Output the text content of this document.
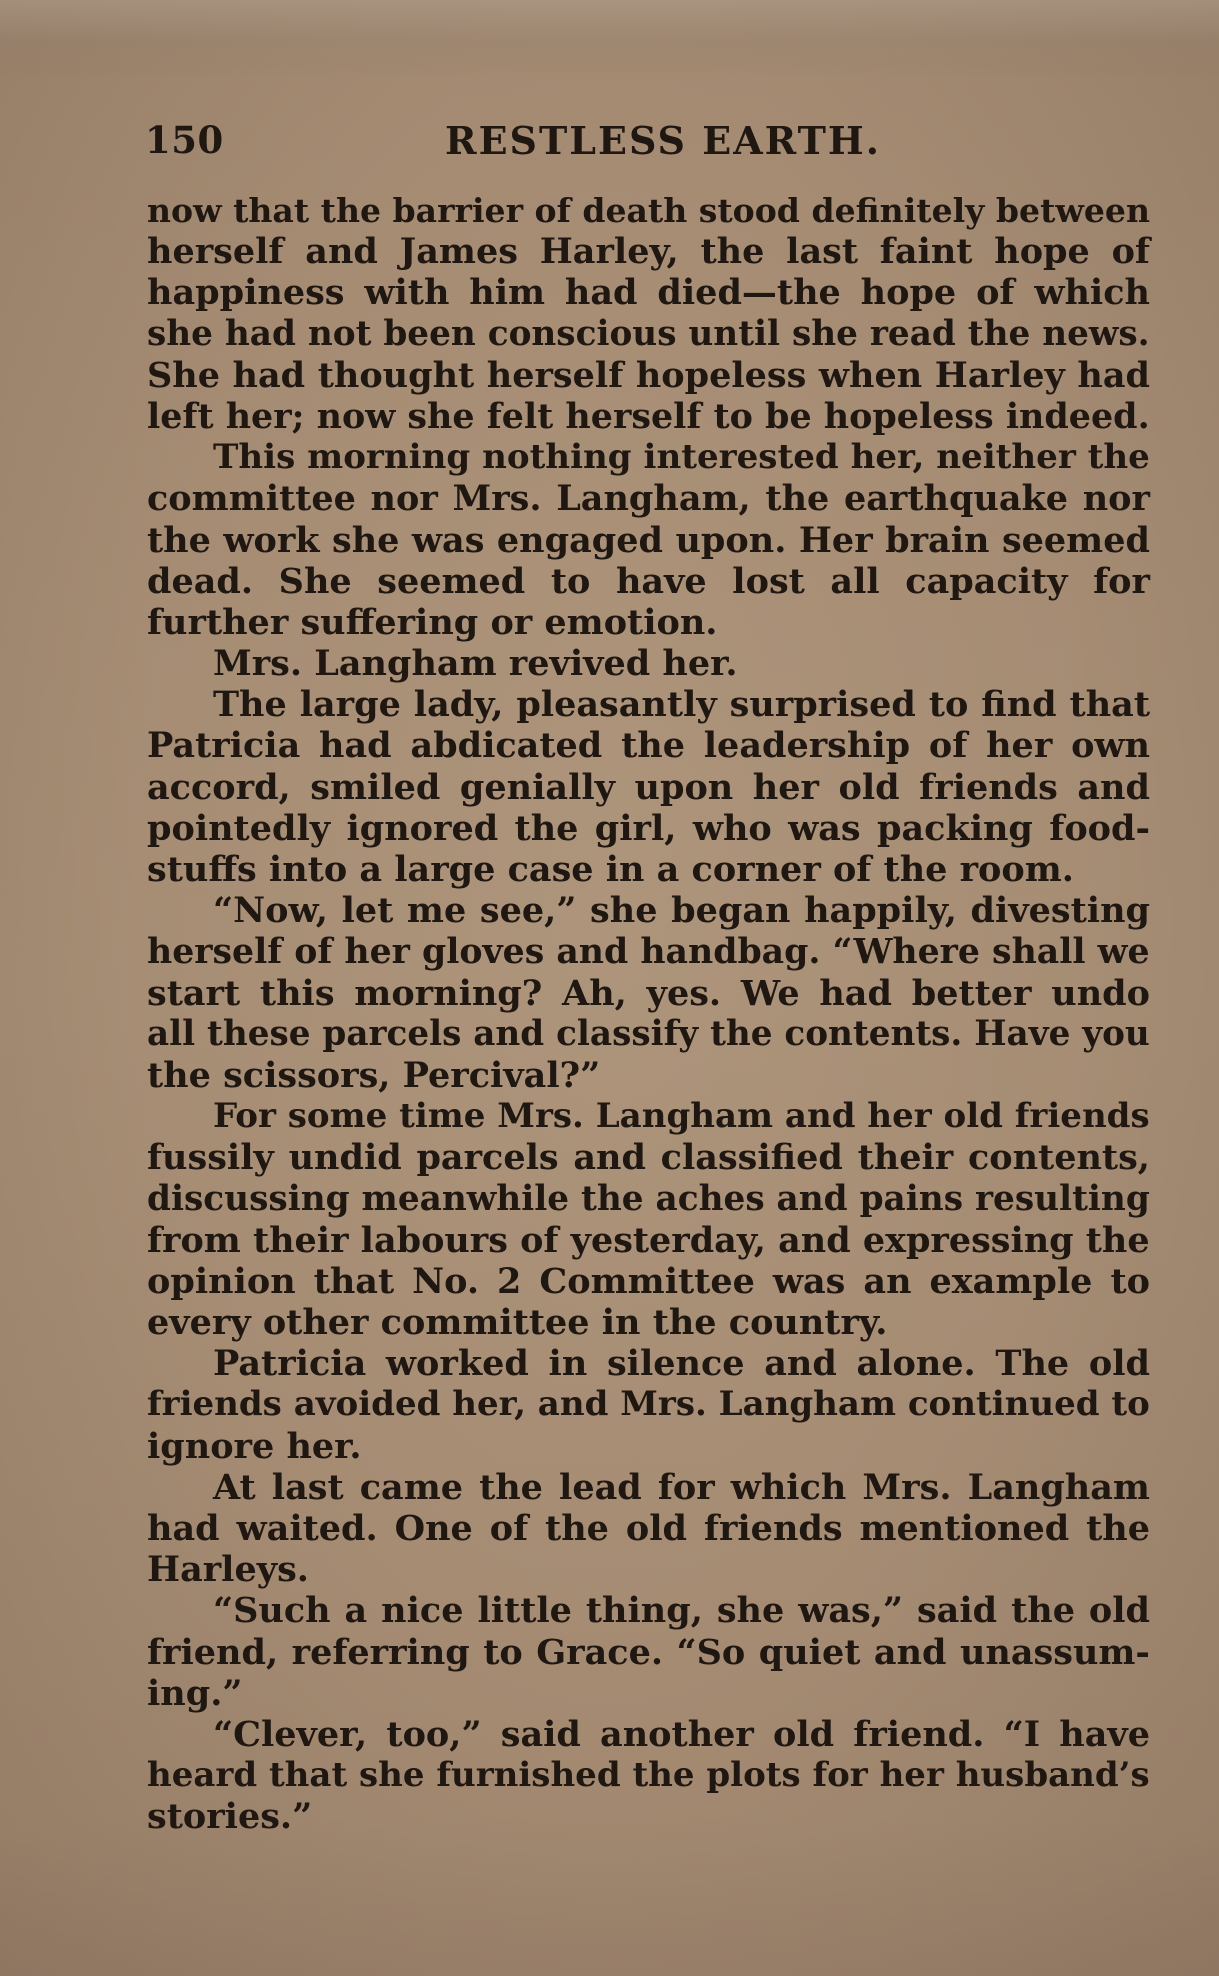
150	RESTLESS EARTH.
now that the barrier of death stood definitely between
herself and James Harley, the last faint hope of
happiness with him had died—the hope of which
she had not been conscious until she read the news.
She had thought herself hopeless when Harley had
left her; now she felt herself to be hopeless indeed.
This morning nothing interested her, neither the
committee nor Mrs. Langham, the earthquake nor
the work she was engaged upon. Her brain seemed
dead. She seemed to have lost all capacity for
further suffering or emotion.
Mrs. Langham revived her.
The large lady, pleasantly surprised to find that
Patricia had abdicated the leadership of her own
accord, smiled genially upon her old friends and
pointedly ignored the girl, who was packing food-
stuffs into a large case in a corner of the room.
“Now, let me see,” she began happily, divesting
herself of her gloves and handbag. “Where shall we
start this morning? Ah, yes. We had better undo
all these parcels and classify the contents. Have you
the scissors, Percival?”
For some time Mrs. Langham and her old friends
fussily undid parcels and classified their contents,
discussing meanwhile the aches and pains resulting
from their labours of yesterday, and expressing the
opinion that No. 2 Committee was an example to
every other committee in the country.
Patricia worked in silence and alone. The old
friends avoided her, and Mrs. Langham continued to
ignore her.
At last came the lead for which Mrs. Langham
had waited. One of the old friends mentioned the
Harleys.
“Such a nice little thing, she was,” said the old
friend, referring to Grace. “So quiet and unassum-
ing.”
“Clever, too,” said another old friend. “I have
heard that she furnished the plots for her husband’s
stories.”
